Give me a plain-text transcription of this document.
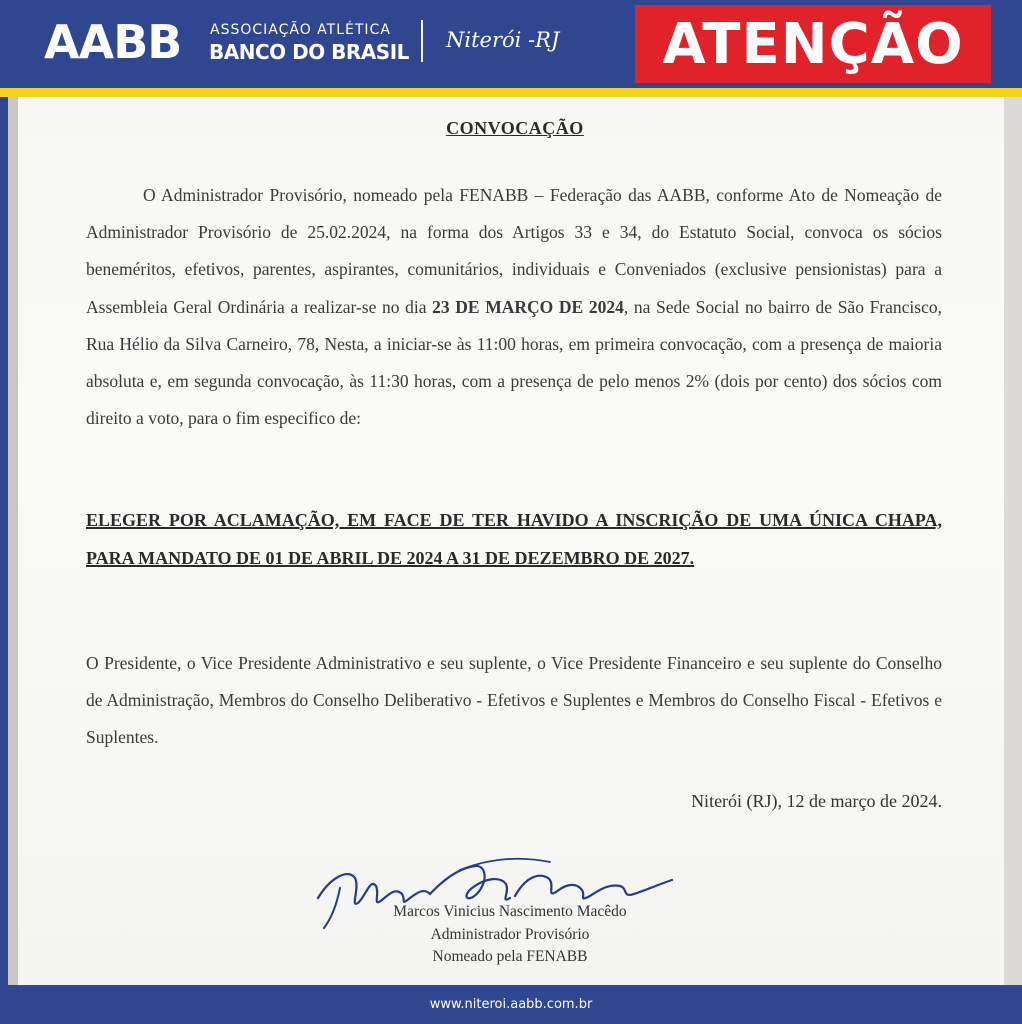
AABB ASSOCIAÇÃO ATLÉTICA
BANCO DO BRASIL Niterói -RJ	ATENÇÃO
CONVOCAÇÃO
O Administrador Provisório, nomeado pela FENABB – Federação das AABB, conforme Ato de Nomeação de Administrador Provisório de 25.02.2024, na forma dos Artigos 33 e 34, do Estatuto Social, convoca os sócios beneméritos, efetivos, parentes, aspirantes, comunitários, individuais e Conveniados (exclusive pensionistas) para a Assembleia Geral Ordinária a realizar-se no dia 23 DE MARÇO DE 2024, na Sede Social no bairro de São Francisco, Rua Hélio da Silva Carneiro, 78, Nesta, a iniciar-se às 11:00 horas, em primeira convocação, com a presença de maioria absoluta e, em segunda convocação, às 11:30 horas, com a presença de pelo menos 2% (dois por cento) dos sócios com direito a voto, para o fim especifico de:
ELEGER POR ACLAMAÇÃO, EM FACE DE TER HAVIDO A INSCRIÇÃO DE UMA ÚNICA CHAPA, PARA MANDATO DE 01 DE ABRIL DE 2024 A 31 DE DEZEMBRO DE 2027.
O Presidente, o Vice Presidente Administrativo e seu suplente, o Vice Presidente Financeiro e seu suplente do Conselho de Administração, Membros do Conselho Deliberativo - Efetivos e Suplentes e Membros do Conselho Fiscal - Efetivos e Suplentes.
Niterói (RJ), 12 de março de 2024.
Marcos Vinicius Nascimento Macêdo
Administrador Provisório
Nomeado pela FENABB
www.niteroi.aabb.com.br
